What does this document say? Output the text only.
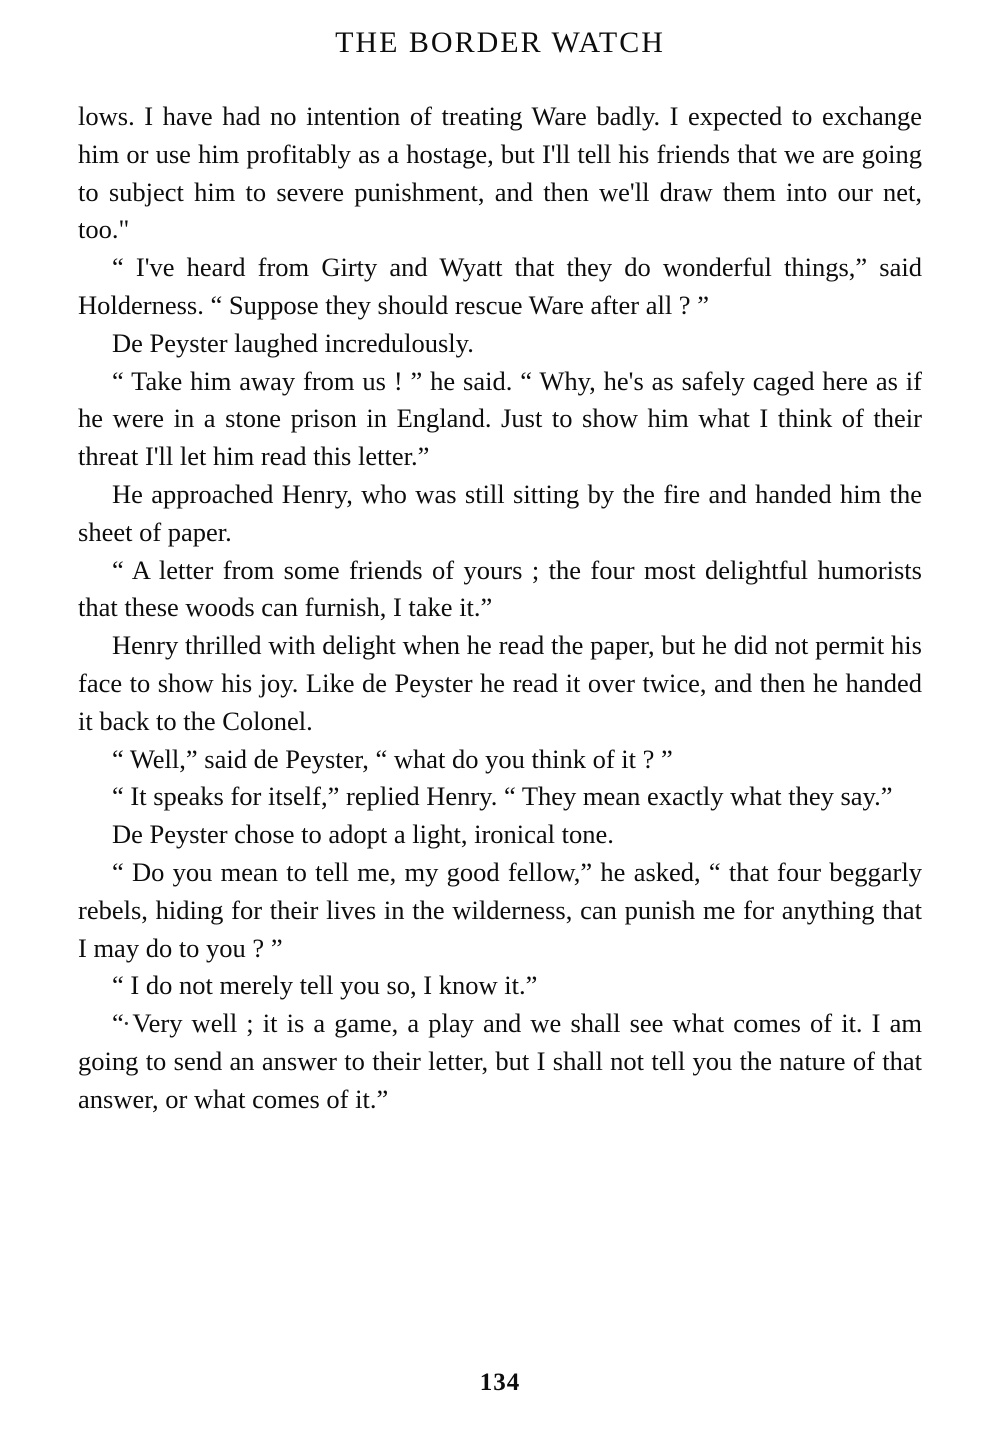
THE BORDER WATCH

lows. I have had no intention of treating Ware badly. I expected to exchange him or use him profitably as a hostage, but I'll tell his friends that we are going to subject him to severe punishment, and then we'll draw them into our net, too."

“ I've heard from Girty and Wyatt that they do wonderful things,” said Holderness. “ Suppose they should rescue Ware after all ? ”

De Peyster laughed incredulously.

“ Take him away from us ! ” he said. “ Why, he's as safely caged here as if he were in a stone prison in England. Just to show him what I think of their threat I'll let him read this letter.”

He approached Henry, who was still sitting by the fire and handed him the sheet of paper.

“ A letter from some friends of yours ; the four most delightful humorists that these woods can furnish, I take it.”

Henry thrilled with delight when he read the paper, but he did not permit his face to show his joy. Like de Peyster he read it over twice, and then he handed it back to the Colonel.

“ Well,” said de Peyster, “ what do you think of it ? ”

“ It speaks for itself,” replied Henry. “ They mean exactly what they say.”

De Peyster chose to adopt a light, ironical tone.

“ Do you mean to tell me, my good fellow,” he asked, “ that four beggarly rebels, hiding for their lives in the wilderness, can punish me for anything that I may do to you ? ”

“ I do not merely tell you so, I know it.”

· “ Very well ; it is a game, a play and we shall see what comes of it. I am going to send an answer to their letter, but I shall not tell you the nature of that answer, or what comes of it.”

134
